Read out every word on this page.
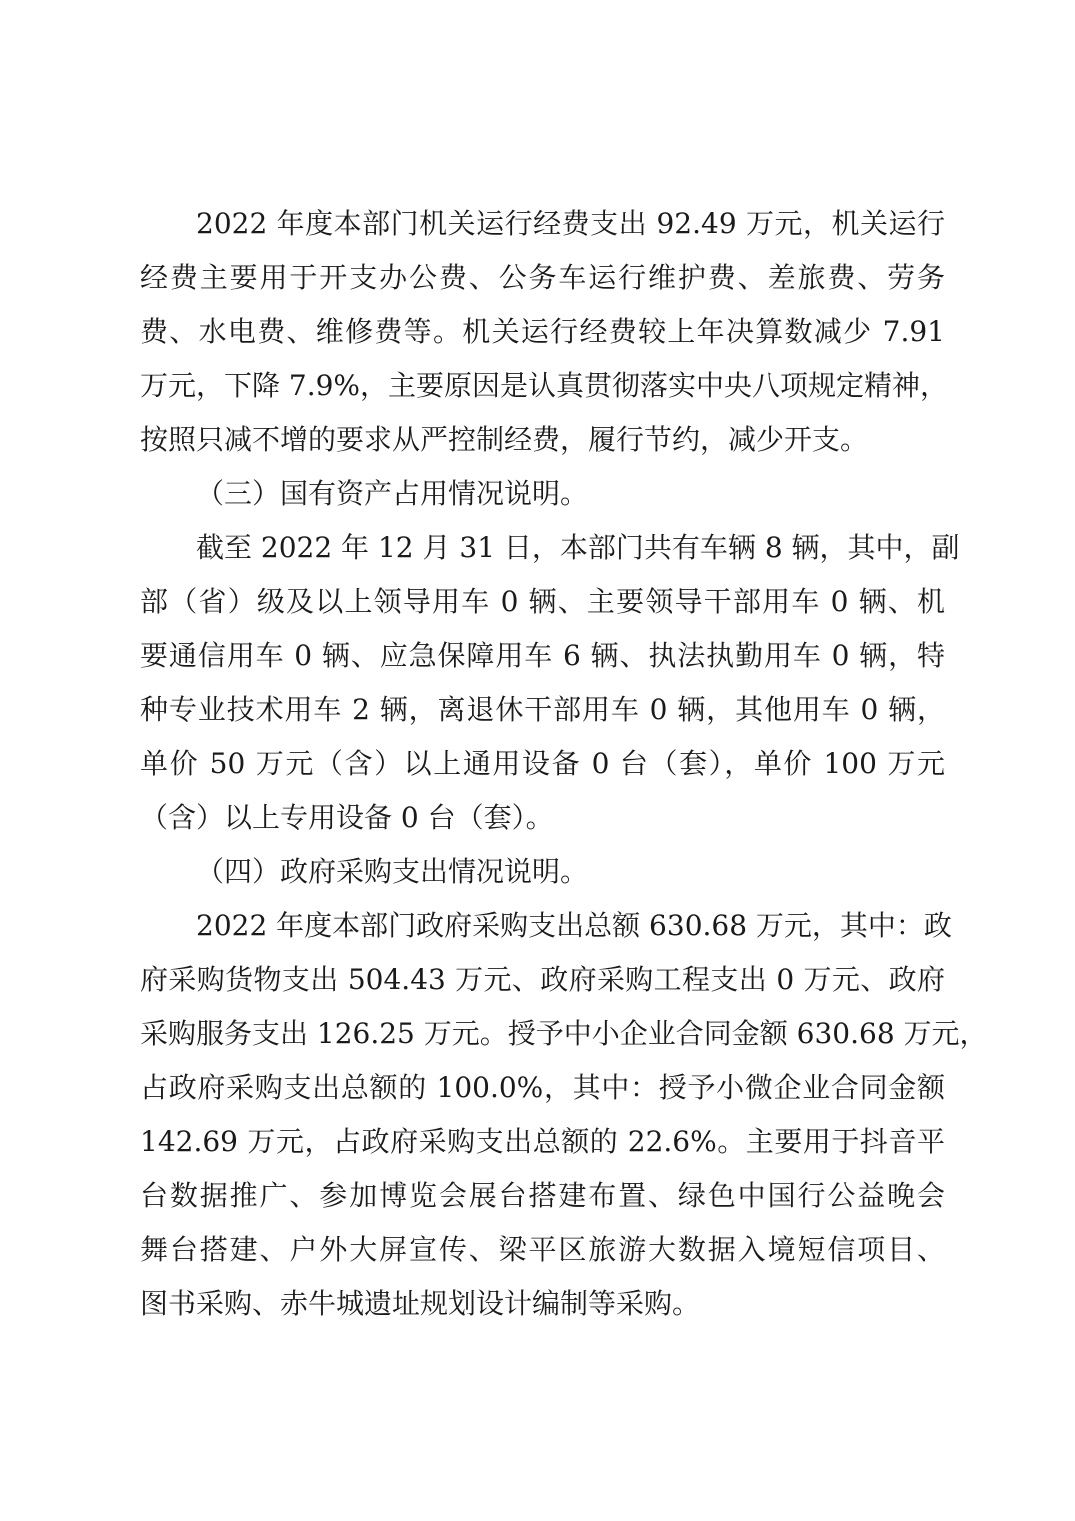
2022 年度本部门机关运行经费支出 92.49 万元，机关运行
经费主要用于开支办公费、公务车运行维护费、差旅费、劳务
费、水电费、维修费等。机关运行经费较上年决算数减少 7.91
万元，下降 7.9%，主要原因是认真贯彻落实中央八项规定精神，
按照只减不增的要求从严控制经费，履行节约，减少开支。
（三）国有资产占用情况说明。
截至 2022 年 12 月 31 日，本部门共有车辆 8 辆，其中，副
部（省）级及以上领导用车 0 辆、主要领导干部用车 0 辆、机
要通信用车 0 辆、应急保障用车 6 辆、执法执勤用车 0 辆，特
种专业技术用车 2 辆，离退休干部用车 0 辆，其他用车 0 辆，
单价 50 万元（含）以上通用设备 0 台（套），单价 100 万元
（含）以上专用设备 0 台（套）。
（四）政府采购支出情况说明。
2022 年度本部门政府采购支出总额 630.68 万元，其中：政
府采购货物支出 504.43 万元、政府采购工程支出 0 万元、政府
采购服务支出 126.25 万元。授予中小企业合同金额 630.68 万元，
占政府采购支出总额的 100.0%，其中：授予小微企业合同金额
142.69 万元，占政府采购支出总额的 22.6%。主要用于抖音平
台数据推广、参加博览会展台搭建布置、绿色中国行公益晚会
舞台搭建、户外大屏宣传、梁平区旅游大数据入境短信项目、
图书采购、赤牛城遗址规划设计编制等采购。
